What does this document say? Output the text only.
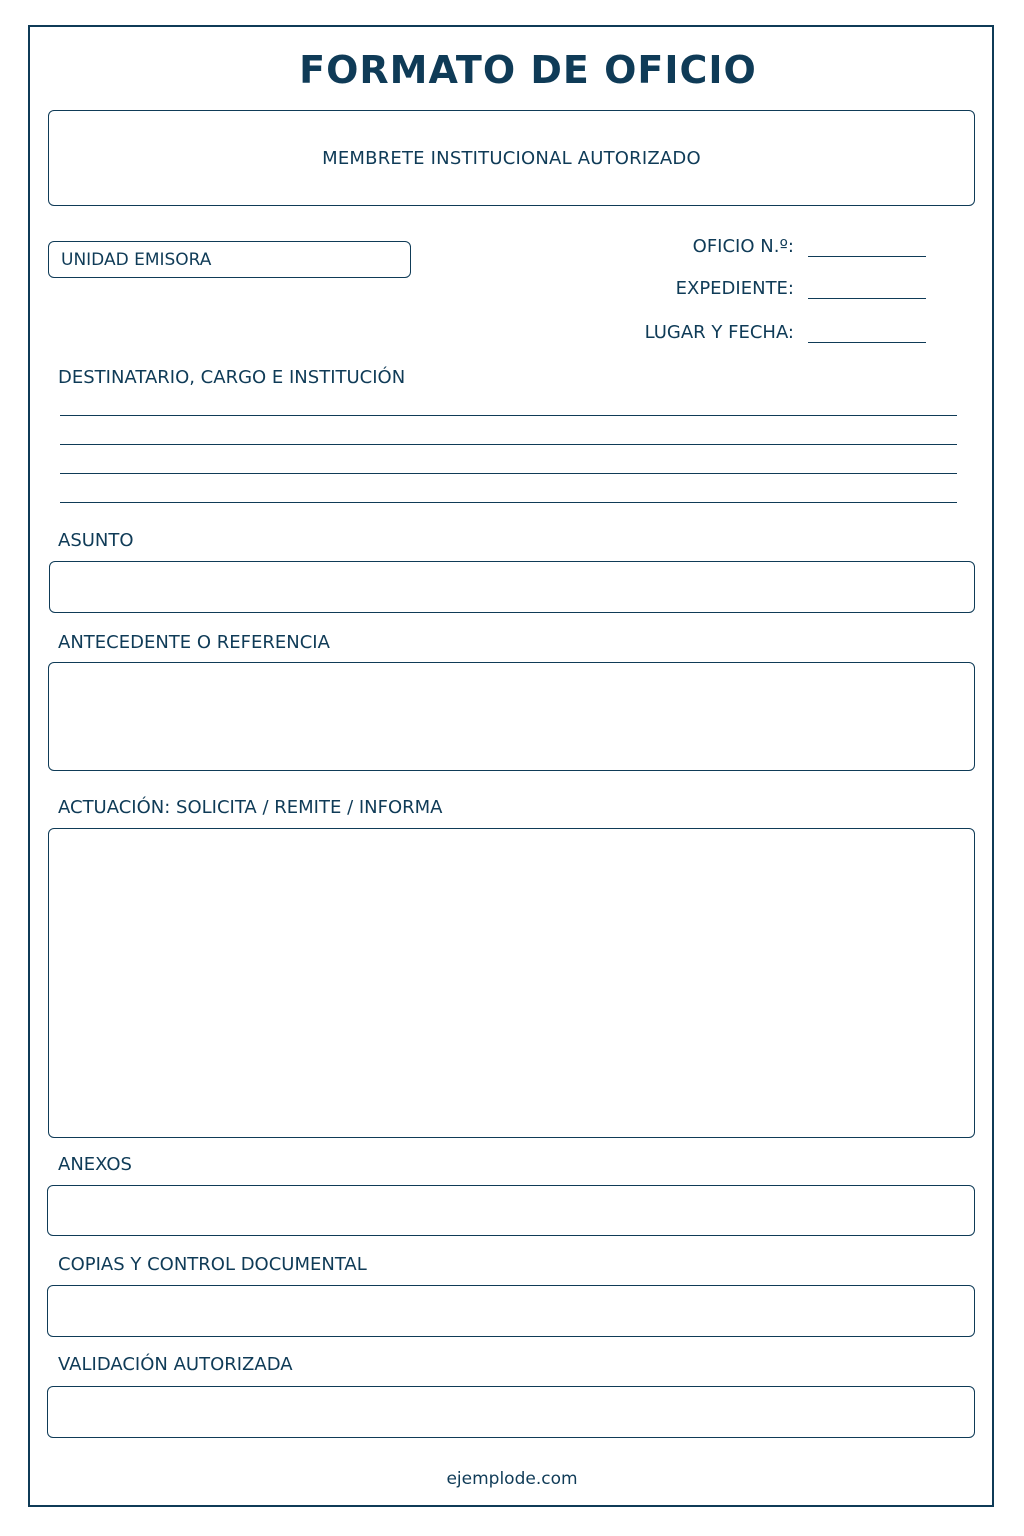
FORMATO DE OFICIO
MEMBRETE INSTITUCIONAL AUTORIZADO
UNIDAD EMISORA
OFICIO N.º:
EXPEDIENTE:
LUGAR Y FECHA:
DESTINATARIO, CARGO E INSTITUCIÓN
ASUNTO
ANTECEDENTE O REFERENCIA
ACTUACIÓN: SOLICITA / REMITE / INFORMA
ANEXOS
COPIAS Y CONTROL DOCUMENTAL
VALIDACIÓN AUTORIZADA
ejemplode.com
